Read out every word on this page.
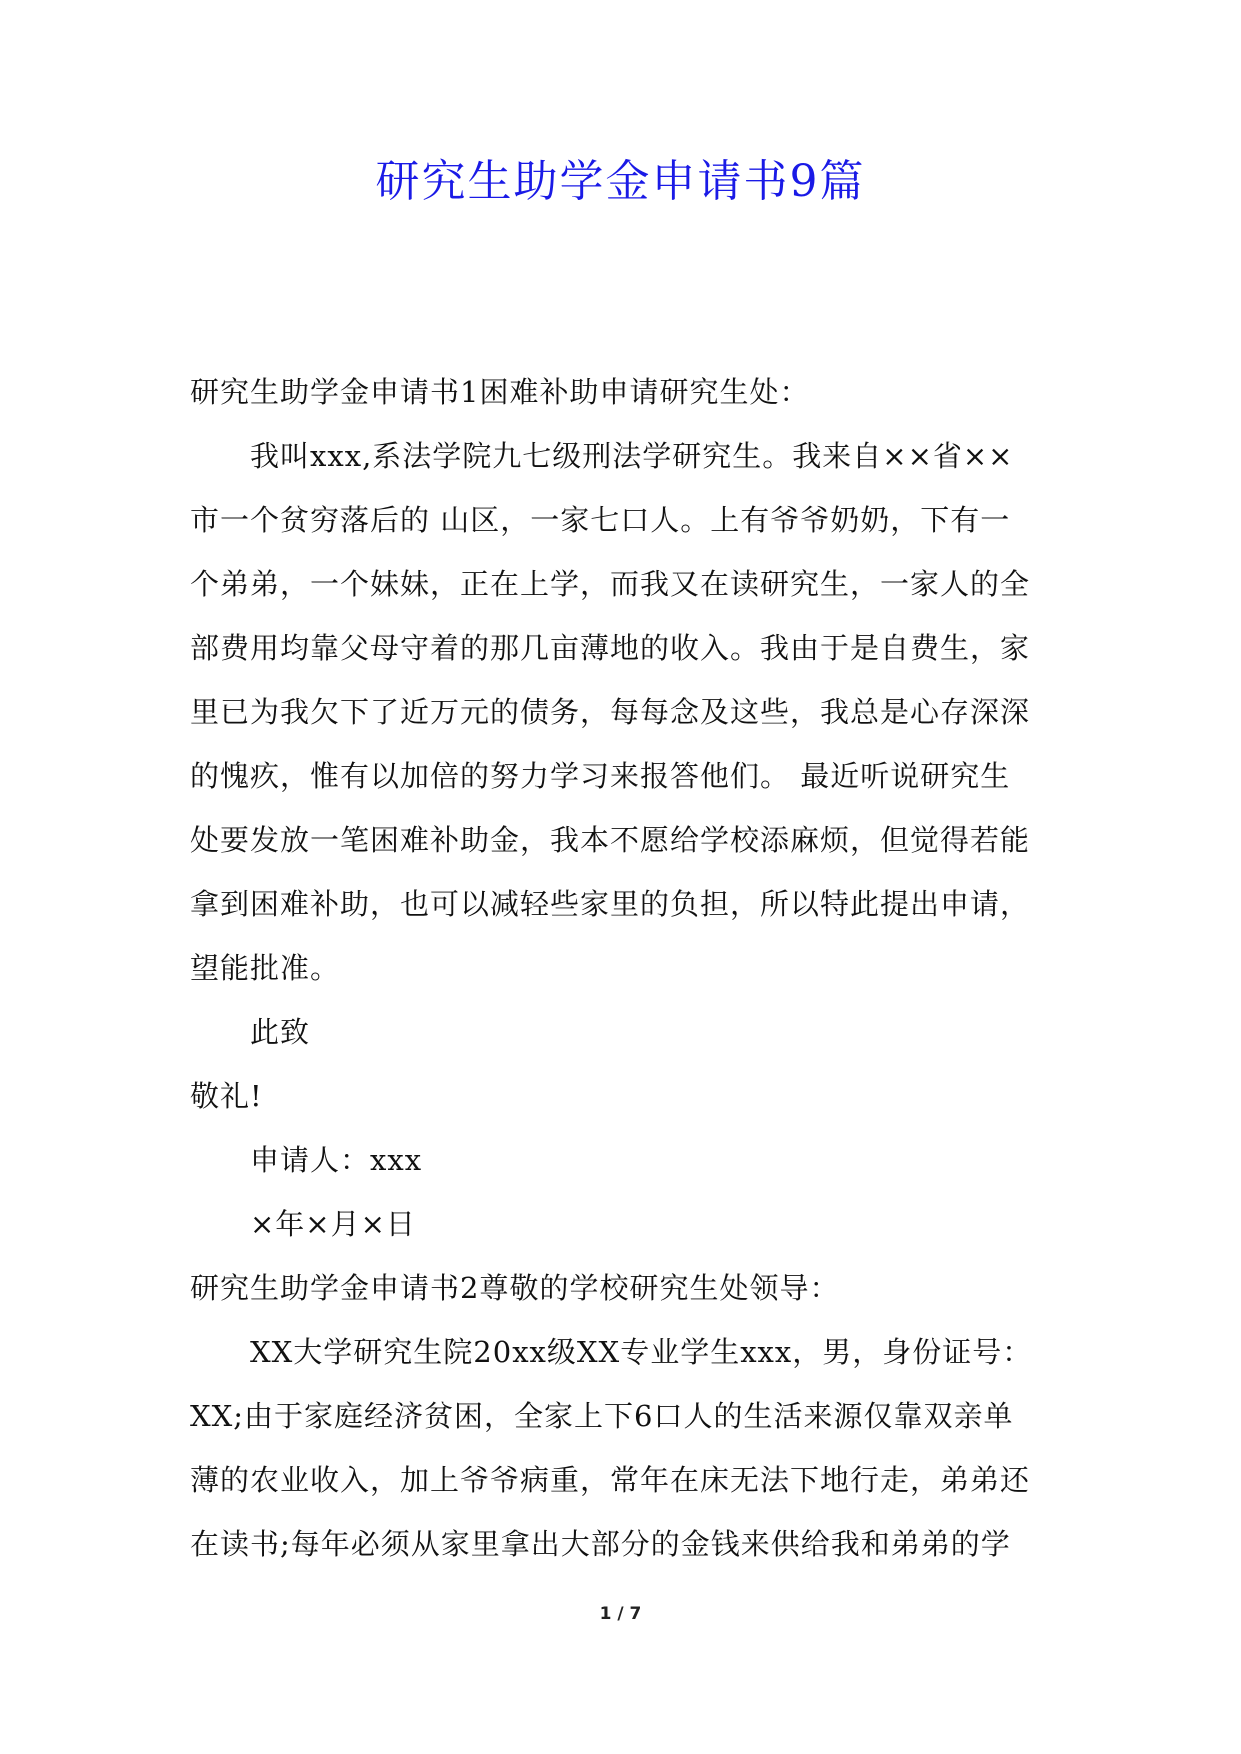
研究生助学金申请书9篇
研究生助学金申请书1困难补助申请研究生处：
我叫xxx,系法学院九七级刑法学研究生。我来自××省××
市一个贫穷落后的 山区，一家七口人。上有爷爷奶奶，下有一
个弟弟，一个妹妹，正在上学，而我又在读研究生，一家人的全
部费用均靠父母守着的那几亩薄地的收入。我由于是自费生，家
里已为我欠下了近万元的债务，每每念及这些，我总是心存深深
的愧疚，惟有以加倍的努力学习来报答他们。 最近听说研究生
处要发放一笔困难补助金，我本不愿给学校添麻烦，但觉得若能
拿到困难补助，也可以减轻些家里的负担，所以特此提出申请，
望能批准。
此致
敬礼!
申请人：xxx
×年×月×日
研究生助学金申请书2尊敬的学校研究生处领导：
XX大学研究生院20xx级XX专业学生xxx，男，身份证号：
XX;由于家庭经济贫困，全家上下6口人的生活来源仅靠双亲单
薄的农业收入，加上爷爷病重，常年在床无法下地行走，弟弟还
在读书;每年必须从家里拿出大部分的金钱来供给我和弟弟的学
1 / 7
